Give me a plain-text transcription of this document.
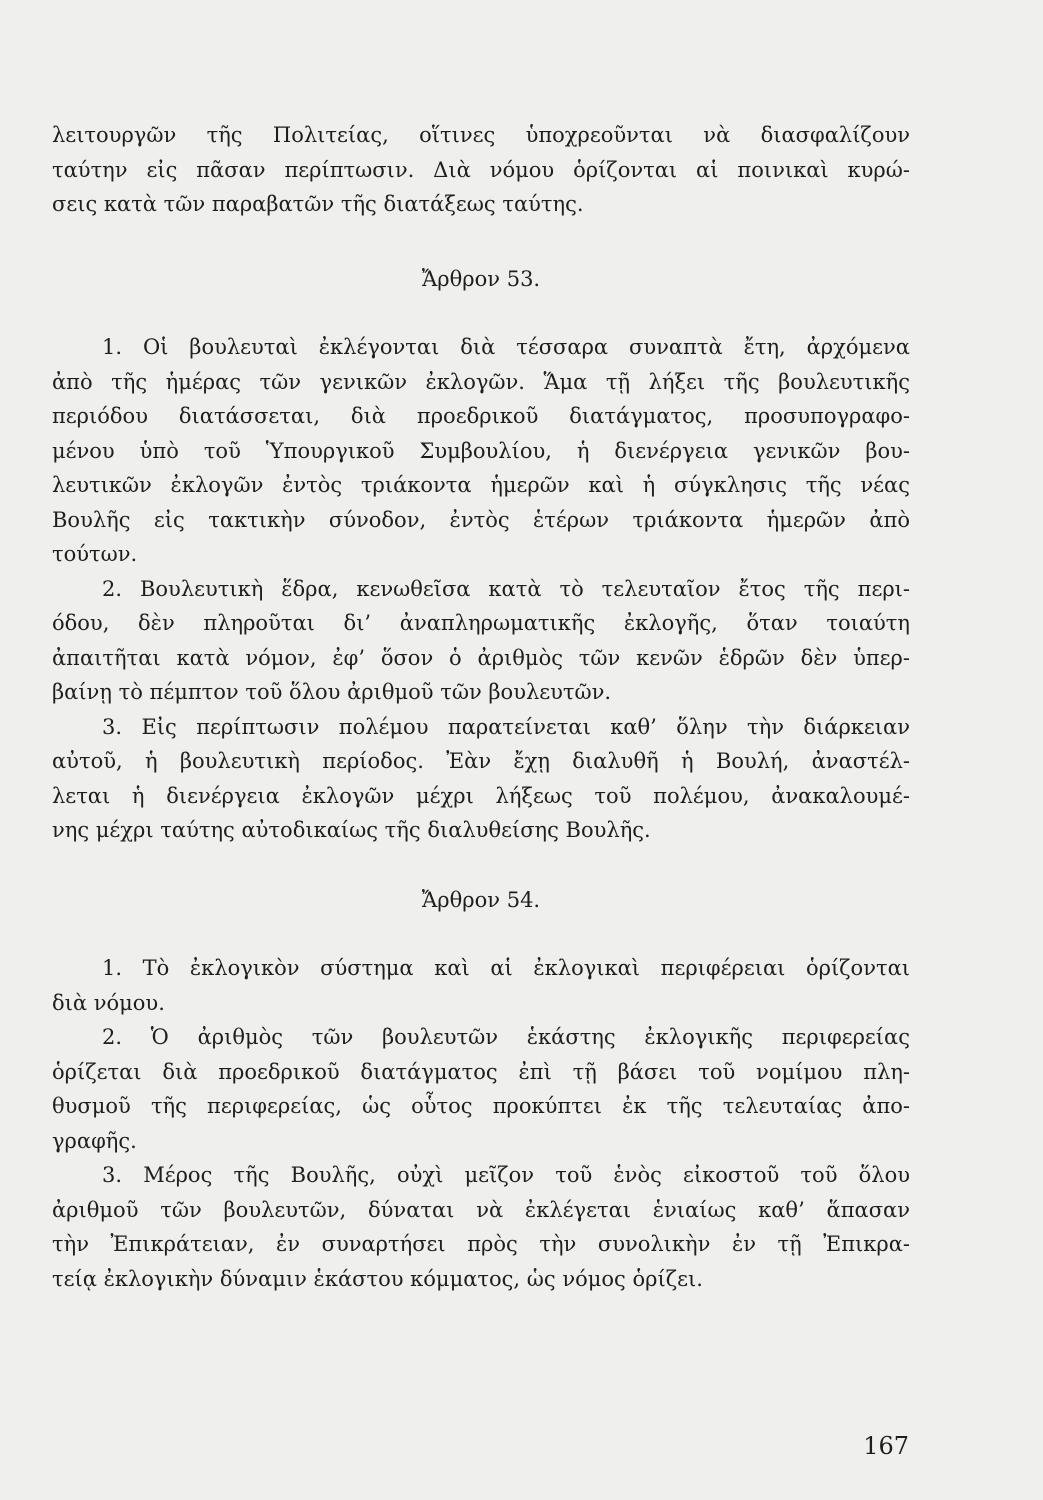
λειτουργῶν τῆς Πολιτείας, οἵτινες ὑποχρεοῦνται νὰ διασφαλίζουν
ταύτην εἰς πᾶσαν περίπτωσιν. Διὰ νόμου ὁρίζονται αἱ ποινικαὶ κυρώ-
σεις κατὰ τῶν παραβατῶν τῆς διατάξεως ταύτης.
Ἄρθρον 53.
1. Οἱ βουλευταὶ ἐκλέγονται διὰ τέσσαρα συναπτὰ ἔτη, ἀρχόμενα
ἀπὸ τῆς ἡμέρας τῶν γενικῶν ἐκλογῶν. Ἅμα τῇ λήξει τῆς βουλευτικῆς
περιόδου διατάσσεται, διὰ προεδρικοῦ διατάγματος, προσυπογραφο-
μένου ὑπὸ τοῦ Ὑπουργικοῦ Συμβουλίου, ἡ διενέργεια γενικῶν βου-
λευτικῶν ἐκλογῶν ἐντὸς τριάκοντα ἡμερῶν καὶ ἡ σύγκλησις τῆς νέας
Βουλῆς εἰς τακτικὴν σύνοδον, ἐντὸς ἑτέρων τριάκοντα ἡμερῶν ἀπὸ
τούτων.
2. Βουλευτικὴ ἕδρα, κενωθεῖσα κατὰ τὸ τελευταῖον ἔτος τῆς περι-
όδου, δὲν πληροῦται δι’ ἀναπληρωματικῆς ἐκλογῆς, ὅταν τοιαύτη
ἀπαιτῆται κατὰ νόμον, ἐφ’ ὅσον ὁ ἀριθμὸς τῶν κενῶν ἑδρῶν δὲν ὑπερ-
βαίνῃ τὸ πέμπτον τοῦ ὅλου ἀριθμοῦ τῶν βουλευτῶν.
3. Εἰς περίπτωσιν πολέμου παρατείνεται καθ’ ὅλην τὴν διάρκειαν
αὐτοῦ, ἡ βουλευτικὴ περίοδος. Ἐὰν ἔχῃ διαλυθῆ ἡ Βουλή, ἀναστέλ-
λεται ἡ διενέργεια ἐκλογῶν μέχρι λήξεως τοῦ πολέμου, ἀνακαλουμέ-
νης μέχρι ταύτης αὐτοδικαίως τῆς διαλυθείσης Βουλῆς.
Ἄρθρον 54.
1. Τὸ ἐκλογικὸν σύστημα καὶ αἱ ἐκλογικαὶ περιφέρειαι ὁρίζονται
διὰ νόμου.
2. Ὁ ἀριθμὸς τῶν βουλευτῶν ἑκάστης ἐκλογικῆς περιφερείας
ὁρίζεται διὰ προεδρικοῦ διατάγματος ἐπὶ τῇ βάσει τοῦ νομίμου πλη-
θυσμοῦ τῆς περιφερείας, ὡς οὗτος προκύπτει ἐκ τῆς τελευταίας ἀπο-
γραφῆς.
3. Μέρος τῆς Βουλῆς, οὐχὶ μεῖζον τοῦ ἑνὸς εἰκοστοῦ τοῦ ὅλου
ἀριθμοῦ τῶν βουλευτῶν, δύναται νὰ ἐκλέγεται ἑνιαίως καθ’ ἅπασαν
τὴν Ἐπικράτειαν, ἐν συναρτήσει πρὸς τὴν συνολικὴν ἐν τῇ Ἐπικρα-
τείᾳ ἐκλογικὴν δύναμιν ἑκάστου κόμματος, ὡς νόμος ὁρίζει.
167
